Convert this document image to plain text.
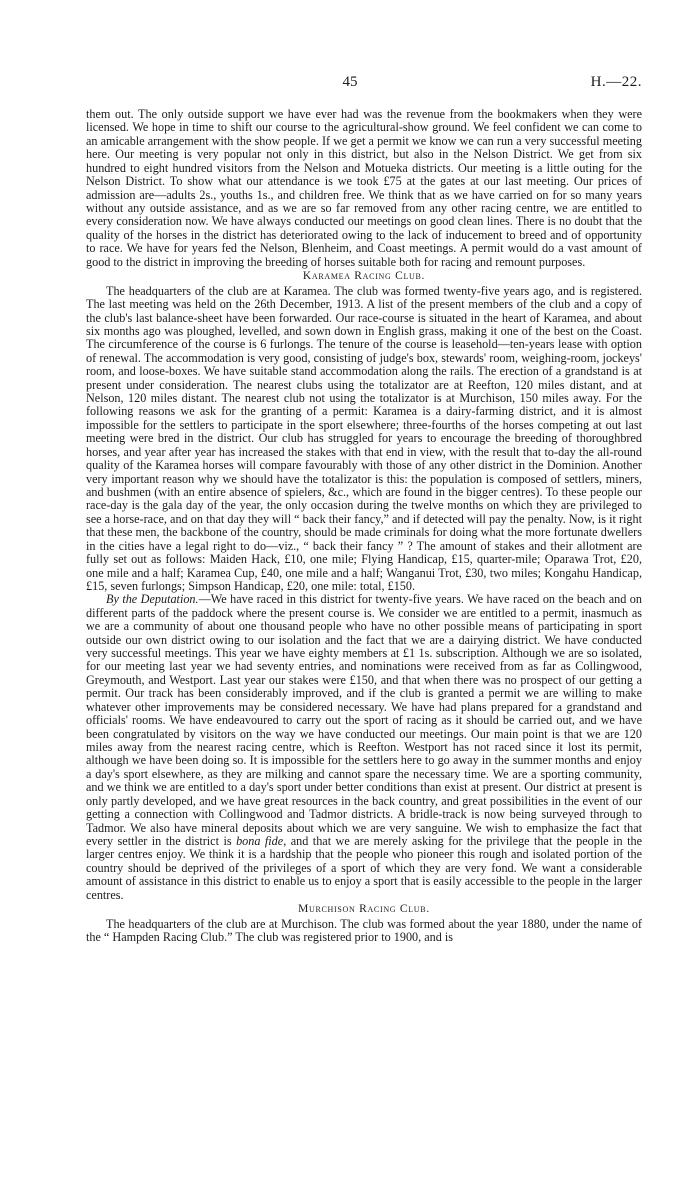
45	H.—22.

them out. The only outside support we have ever had was the revenue from the bookmakers when they were licensed. We hope in time to shift our course to the agricultural-show ground. We feel confident we can come to an amicable arrangement with the show people. If we get a permit we know we can run a very successful meeting here. Our meeting is very popular not only in this district, but also in the Nelson District. We get from six hundred to eight hundred visitors from the Nelson and Motueka districts. Our meeting is a little outing for the Nelson District. To show what our attendance is we took £75 at the gates at our last meeting. Our prices of admission are—adults 2s., youths 1s., and children free. We think that as we have carried on for so many years without any outside assistance, and as we are so far removed from any other racing centre, we are entitled to every consideration now. We have always conducted our meetings on good clean lines. There is no doubt that the quality of the horses in the district has deteriorated owing to the lack of inducement to breed and of opportunity to race. We have for years fed the Nelson, Blenheim, and Coast meetings. A permit would do a vast amount of good to the district in improving the breeding of horses suitable both for racing and remount purposes.

Karamea Racing Club.

The headquarters of the club are at Karamea. The club was formed twenty-five years ago, and is registered. The last meeting was held on the 26th December, 1913. A list of the present members of the club and a copy of the club's last balance-sheet have been forwarded. Our race-course is situated in the heart of Karamea, and about six months ago was ploughed, levelled, and sown down in English grass, making it one of the best on the Coast. The circumference of the course is 6 furlongs. The tenure of the course is leasehold—ten-years lease with option of renewal. The accommodation is very good, consisting of judge's box, stewards' room, weighing-room, jockeys' room, and loose-boxes. We have suitable stand accommodation along the rails. The erection of a grandstand is at present under consideration. The nearest clubs using the totalizator are at Reefton, 120 miles distant, and at Nelson, 120 miles distant. The nearest club not using the totalizator is at Murchison, 150 miles away. For the following reasons we ask for the granting of a permit: Karamea is a dairy-farming district, and it is almost impossible for the settlers to participate in the sport elsewhere; three-fourths of the horses competing at out last meeting were bred in the district. Our club has struggled for years to encourage the breeding of thoroughbred horses, and year after year has increased the stakes with that end in view, with the result that to-day the all-round quality of the Karamea horses will compare favourably with those of any other district in the Dominion. Another very important reason why we should have the totalizator is this: the population is composed of settlers, miners, and bushmen (with an entire absence of spielers, &c., which are found in the bigger centres). To these people our race-day is the gala day of the year, the only occasion during the twelve months on which they are privileged to see a horse-race, and on that day they will “ back their fancy,” and if detected will pay the penalty. Now, is it right that these men, the backbone of the country, should be made criminals for doing what the more fortunate dwellers in the cities have a legal right to do—viz., “ back their fancy ” ? The amount of stakes and their allotment are fully set out as follows: Maiden Hack, £10, one mile; Flying Handicap, £15, quarter-mile; Oparawa Trot, £20, one mile and a half; Karamea Cup, £40, one mile and a half; Wanganui Trot, £30, two miles; Kongahu Handicap, £15, seven furlongs; Simpson Handicap, £20, one mile: total, £150.

By the Deputation.—We have raced in this district for twenty-five years. We have raced on the beach and on different parts of the paddock where the present course is. We consider we are entitled to a permit, inasmuch as we are a community of about one thousand people who have no other possible means of participating in sport outside our own district owing to our isolation and the fact that we are a dairying district. We have conducted very successful meetings. This year we have eighty members at £1 1s. subscription. Although we are so isolated, for our meeting last year we had seventy entries, and nominations were received from as far as Collingwood, Greymouth, and Westport. Last year our stakes were £150, and that when there was no prospect of our getting a permit. Our track has been considerably improved, and if the club is granted a permit we are willing to make whatever other improvements may be considered necessary. We have had plans prepared for a grandstand and officials' rooms. We have endeavoured to carry out the sport of racing as it should be carried out, and we have been congratulated by visitors on the way we have conducted our meetings. Our main point is that we are 120 miles away from the nearest racing centre, which is Reefton. Westport has not raced since it lost its permit, although we have been doing so. It is impossible for the settlers here to go away in the summer months and enjoy a day's sport elsewhere, as they are milking and cannot spare the necessary time. We are a sporting community, and we think we are entitled to a day's sport under better conditions than exist at present. Our district at present is only partly developed, and we have great resources in the back country, and great possibilities in the event of our getting a connection with Collingwood and Tadmor districts. A bridle-track is now being surveyed through to Tadmor. We also have mineral deposits about which we are very sanguine. We wish to emphasize the fact that every settler in the district is bona fide, and that we are merely asking for the privilege that the people in the larger centres enjoy. We think it is a hardship that the people who pioneer this rough and isolated portion of the country should be deprived of the privileges of a sport of which they are very fond. We want a considerable amount of assistance in this district to enable us to enjoy a sport that is easily accessible to the people in the larger centres.

Murchison Racing Club.

The headquarters of the club are at Murchison. The club was formed about the year 1880, under the name of the “ Hampden Racing Club.” The club was registered prior to 1900, and is
